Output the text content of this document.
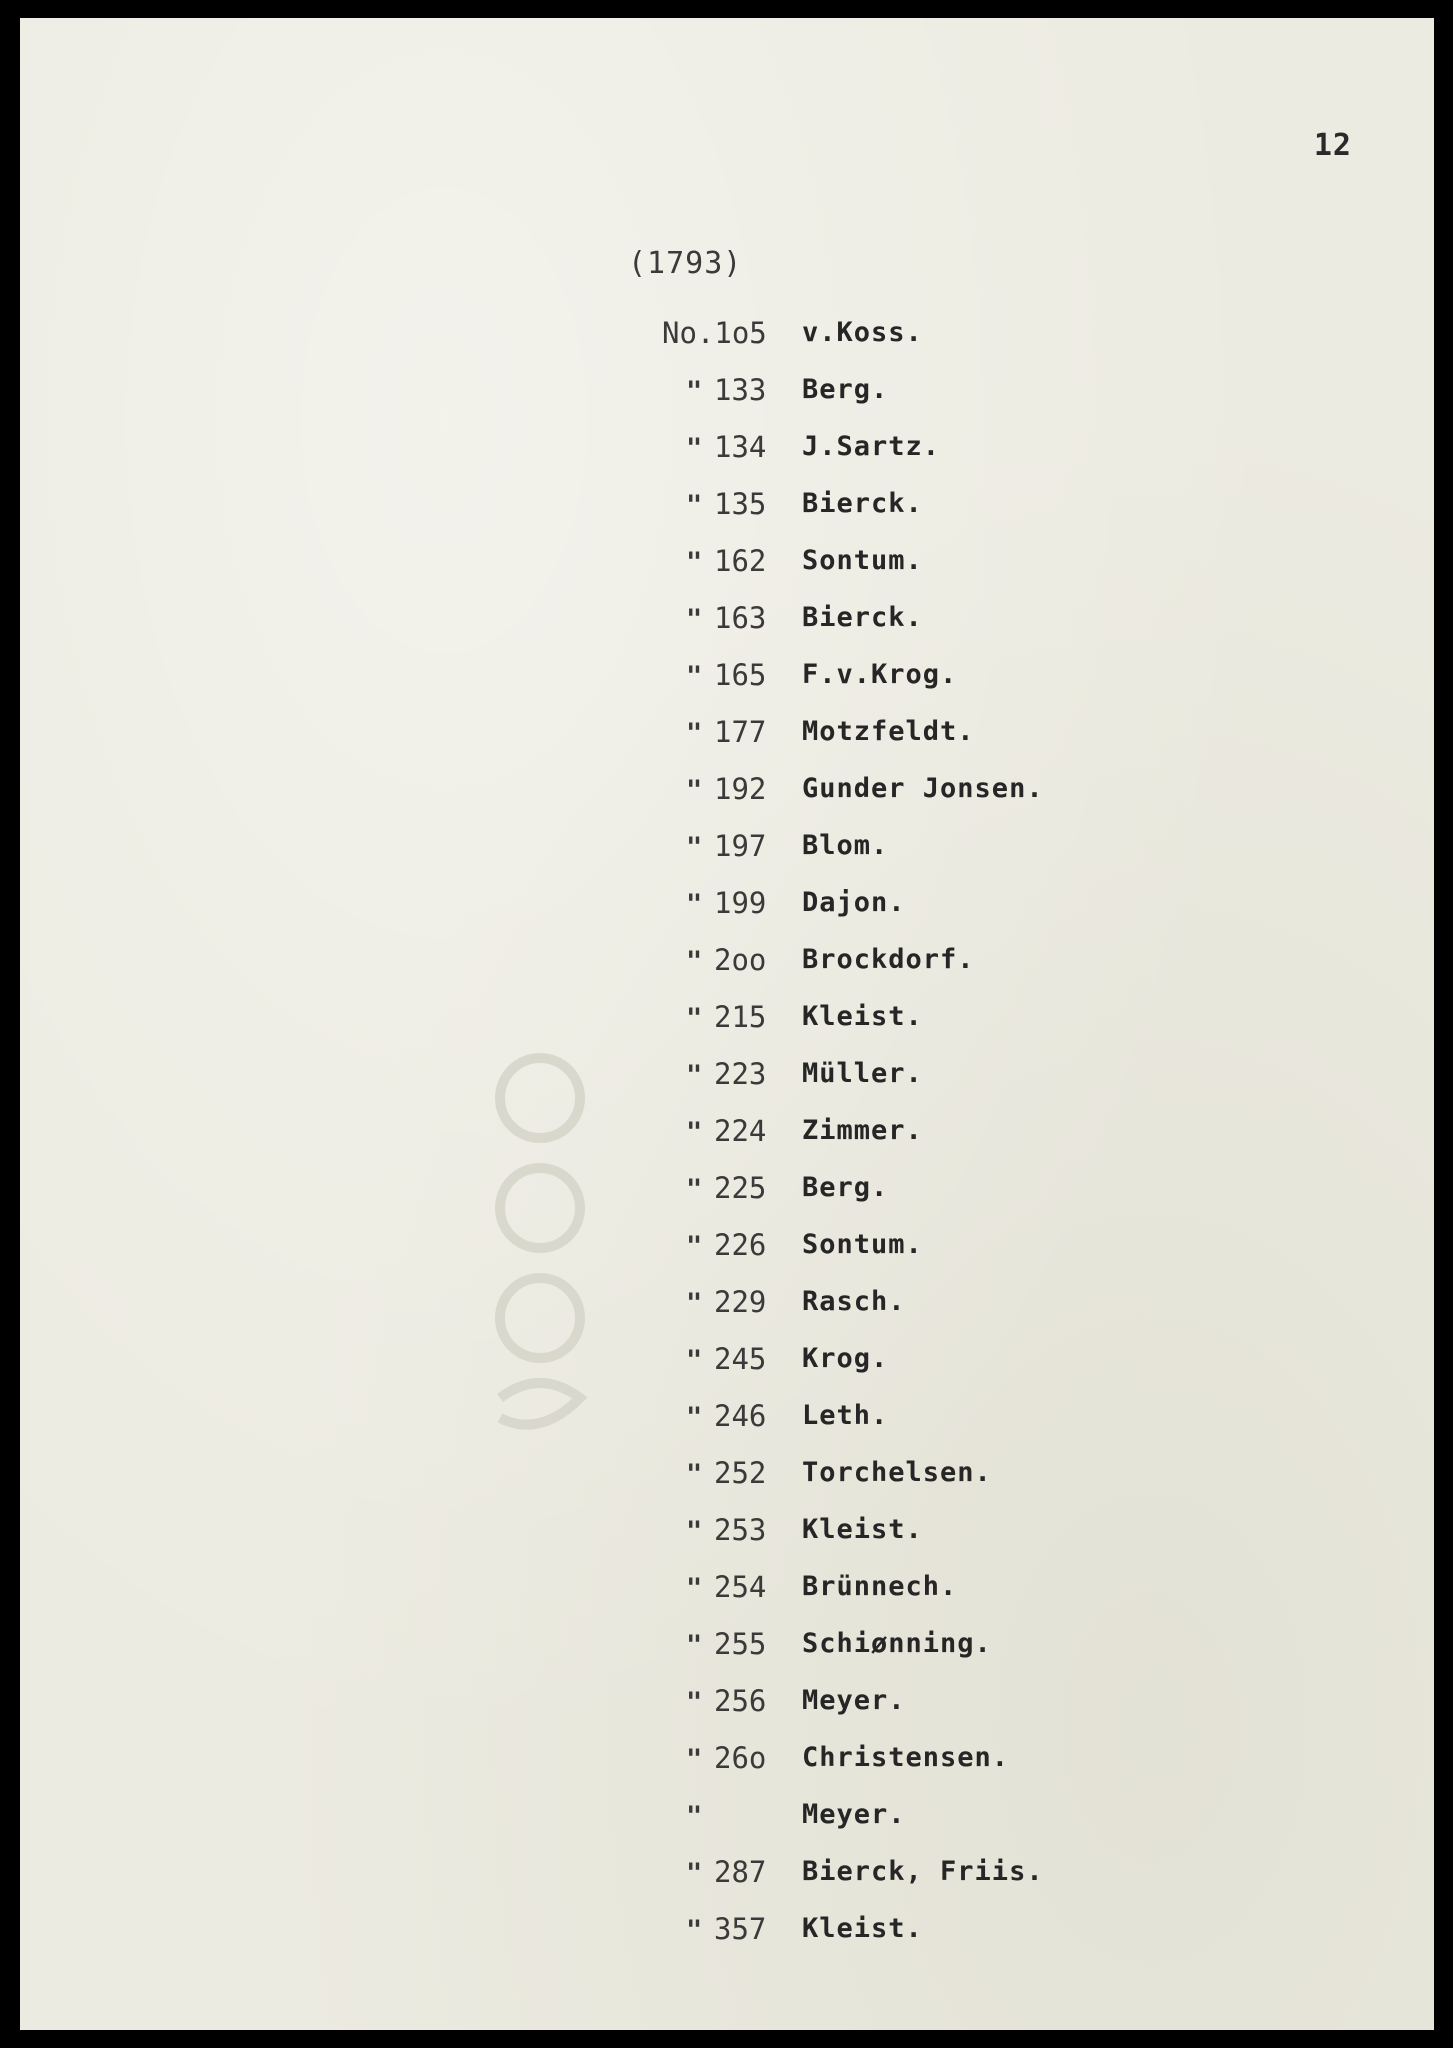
12
(1793)
No.1o5	v.Koss.
" 133	Berg.
" 134	J.Sartz.
" 135	Bierck.
" 162	Sontum.
" 163	Bierck.
" 165	F.v.Krog.
" 177	Motzfeldt.
" 192	Gunder Jonsen.
" 197	Blom.
" 199	Dajon.
" 2oo	Brockdorf.
" 215	Kleist.
" 223	Müller.
" 224	Zimmer.
" 225	Berg.
" 226	Sontum.
" 229	Rasch.
" 245	Krog.
" 246	Leth.
" 252	Torchelsen.
" 253	Kleist.
" 254	Brünnech.
" 255	Schiønning.
" 256	Meyer.
" 26o	Christensen.
"	Meyer.
" 287	Bierck, Friis.
" 357	Kleist.
